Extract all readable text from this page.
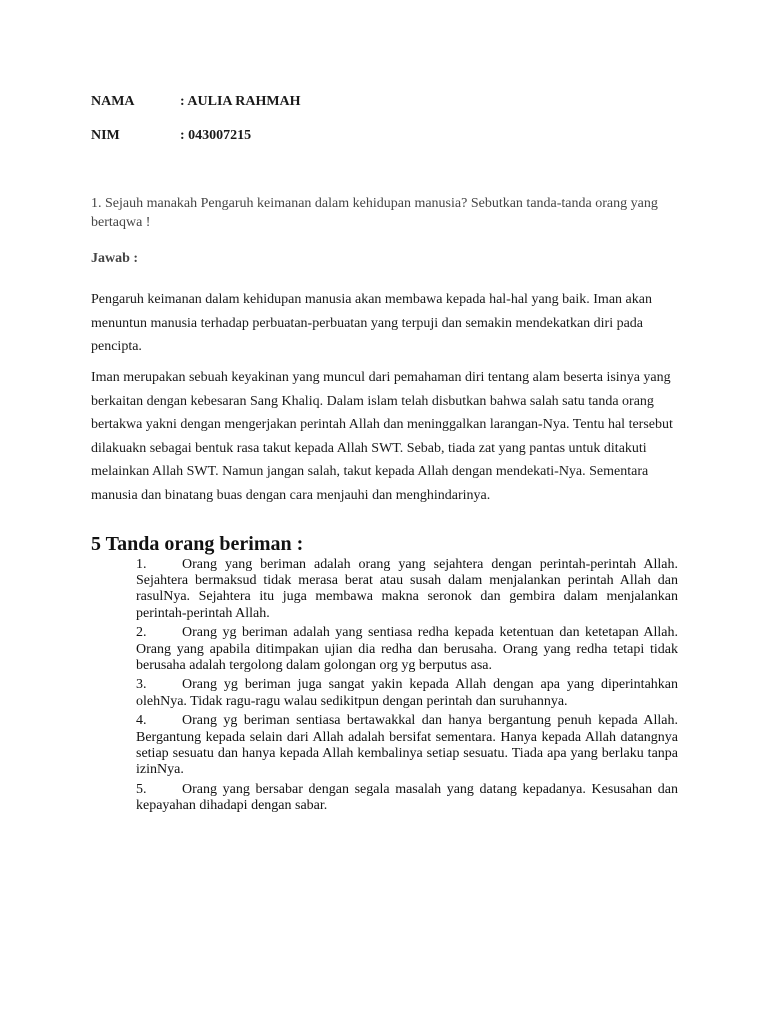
NAMA	: AULIA RAHMAH
NIM	: 043007215
1. Sejauh manakah Pengaruh keimanan dalam kehidupan manusia? Sebutkan tanda-tanda orang yang bertaqwa !
Jawab :
Pengaruh keimanan dalam kehidupan manusia akan membawa kepada hal-hal yang baik. Iman akan menuntun manusia terhadap perbuatan-perbuatan yang terpuji dan semakin mendekatkan diri pada pencipta.
Iman merupakan sebuah keyakinan yang muncul dari pemahaman diri tentang alam beserta isinya yang berkaitan dengan kebesaran Sang Khaliq. Dalam islam telah disbutkan bahwa salah satu tanda orang bertakwa yakni dengan mengerjakan perintah Allah dan meninggalkan larangan-Nya. Tentu hal tersebut dilakuakn sebagai bentuk rasa takut kepada Allah SWT. Sebab, tiada zat yang pantas untuk ditakuti melainkan Allah SWT. Namun jangan salah, takut kepada Allah dengan mendekati-Nya. Sementara manusia dan binatang buas dengan cara menjauhi dan menghindarinya.
5 Tanda orang beriman :
1.	Orang yang beriman adalah orang yang sejahtera dengan perintah-perintah Allah. Sejahtera bermaksud tidak merasa berat atau susah dalam menjalankan perintah Allah dan rasulNya. Sejahtera itu juga membawa makna seronok dan gembira dalam menjalankan perintah-perintah Allah.
2.	Orang yg beriman adalah yang sentiasa redha kepada ketentuan dan ketetapan Allah. Orang yang apabila ditimpakan ujian dia redha dan berusaha. Orang yang redha tetapi tidak berusaha adalah tergolong dalam golongan org yg berputus asa.
3.	Orang yg beriman juga sangat yakin kepada Allah dengan apa yang diperintahkan olehNya. Tidak ragu-ragu walau sedikitpun dengan perintah dan suruhannya.
4.	Orang yg beriman sentiasa bertawakkal dan hanya bergantung penuh kepada Allah. Bergantung kepada selain dari Allah adalah bersifat sementara. Hanya kepada Allah datangnya setiap sesuatu dan hanya kepada Allah kembalinya setiap sesuatu. Tiada apa yang berlaku tanpa izinNya.
5.	Orang yang bersabar dengan segala masalah yang datang kepadanya. Kesusahan dan kepayahan dihadapi dengan sabar.
